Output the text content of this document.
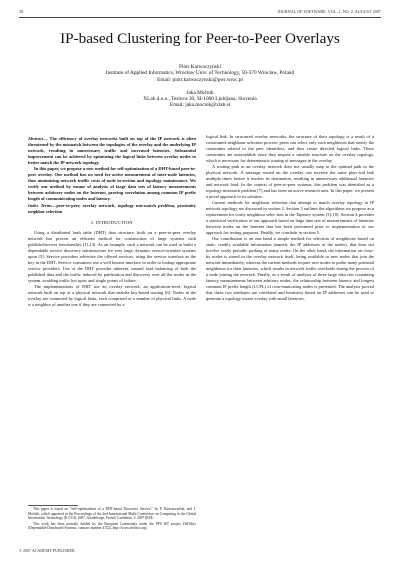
38	JOURNAL OF SOFTWARE, VOL. 2, NO. 2, AUGUST 2007
IP-based Clustering for Peer-to-Peer Overlays
Piotr Karwaczyński
Institute of Applied Informatics, Wrocław Univ. of Technology, 50-370 Wrocław, Poland
Email: piotr.karwaczynski@pwr.wroc.pl
Jaka Močnik
XLab d.o.o., Teslova 30, SI-1000 Ljubljana, Slovenia
Email: jaka.mocnik@xlab.si

Abstract— The efficiency of overlay networks built on top of the IP network is often threatened by the mismatch between the topologies of the overlay and the underlying IP network, resulting in unnecessary traffic and increased latencies. Substantial improvement can be achieved by optimizing the logical links between overlay nodes to better match the IP network topology.

In this paper, we propose a new method for self-optimization of a DHT-based peer-to-peer overlay. Our method has no need for active measurement of inter-node latencies, thus minimizing network traffic costs of node in-sertion and topology maintenance. We verify our method by means of analysis of large data sets of latency measurements between arbitrary nodes on the Internet, proving correlation among common IP prefix length of communicating nodes and latency.

Index Terms—peer-to-peer, overlay network, topology mis-match problem, proximity neighbor selection

I. INTRODUCTION

Using a distributed hash table (DHT) data structure, built on a peer-to-peer overlay network has proven an efficient method for construction of large systems with publish/discover functionality [1]–[4]. As an example, such a network can be used to build a dependable service discovery infrastructure for very large, dynamic service-oriented systems upon [5]. Service providers advertise the offered services, using the service interface as the key in the DHT. Service consumers use a well known interface in order to lookup appropriate service providers. Use of the DHT provides inherent, natural load balancing of both the published data and the traffic induced by publication and discovery over all the nodes in the system, avoiding traffic hot spots and single points of failure.

The implementations of DHT use an overlay network, an application-level, logical network built on top of a physical network that enables key-based routing [6]. Nodes in the overlay are connected by logical links, each comprised of a number of physical links. A node is a neighbor of another one if they are connected by a

logical link. In structured overlay networks, the structure of their topology is a result of a constrained neighbour selection process: peers can select only such neighbours that satisfy the constraints related to the peer identifiers, and thus create directed logical links. These constraints are unavoidable since they impose a suitable structure on the overlay topology, which is necessary for deterministic routing of messages in the overlay.

A routing path in an overlay network does not usually map to the optimal path in the physical network. A message routed on the overlay can traverse the same phys-ical link multiple times before it reaches its destination, resulting in unnecessary additional latencies and network load. In the context of peer-to-peer systems, this problem was identified as a topology mismatch problem [7] and has been an active research area. In this paper, we present a novel approach to its solution.

Current methods for neighbour selection that attempt to match overlay topology to IP network topology are discussed in section 2. Section 3 outlines the algorithms we propose as a replacement for costly neighbour selec-tion in the Tapestry system [3], [8]. Section 4 provides a statistical verification of our approach based on large data sets of measurements of latencies between nodes on the Internet that has been performed prior to implementation of our approach for testing purposes. Finally, we conclude in section 5.

Our contribution is on one hand a simple method for selection of neighbours based on static, readily available information (namely the IP addresses of the nodes), that does not involve costly periodic probing of many nodes. On the other hand, the information on close-by nodes is stored in the overlay network itself, being available to new nodes that join the network immediately, whereas the current methods require new nodes to probe many potential neighbours for their latencies, which results in network traffic overloads during the process of a node joining the network. Finally, as a result of analysis of three large data sets containing latency measurements between arbitrary nodes, the relationship between latency and longest common IP prefix length (LCPL) of com-municating nodes is presented. The analysis proved that these two attributes are correlated and heuristics based on IP addresses can be used to generate a topology-aware overlay with small latencies.

This paper is based on "Self-optimization of a DHT-based Discovery Service," by P. Karwaczyński, and J. Močnik, which appeared in the Proceedings of the 2nd International Multi-Conference on Computing in the Global Information Technology (ICCGI), 2007, Guadeloupe, French Caribbean. © 2007 IEEE.

This work has been partially funded by the European Community under the FP6 IST project DeDiSys (Dependable Distributed Systems, contract number 4152), http://www.dedisys.org/.

© 2007 ACADEMY PUBLISHER
